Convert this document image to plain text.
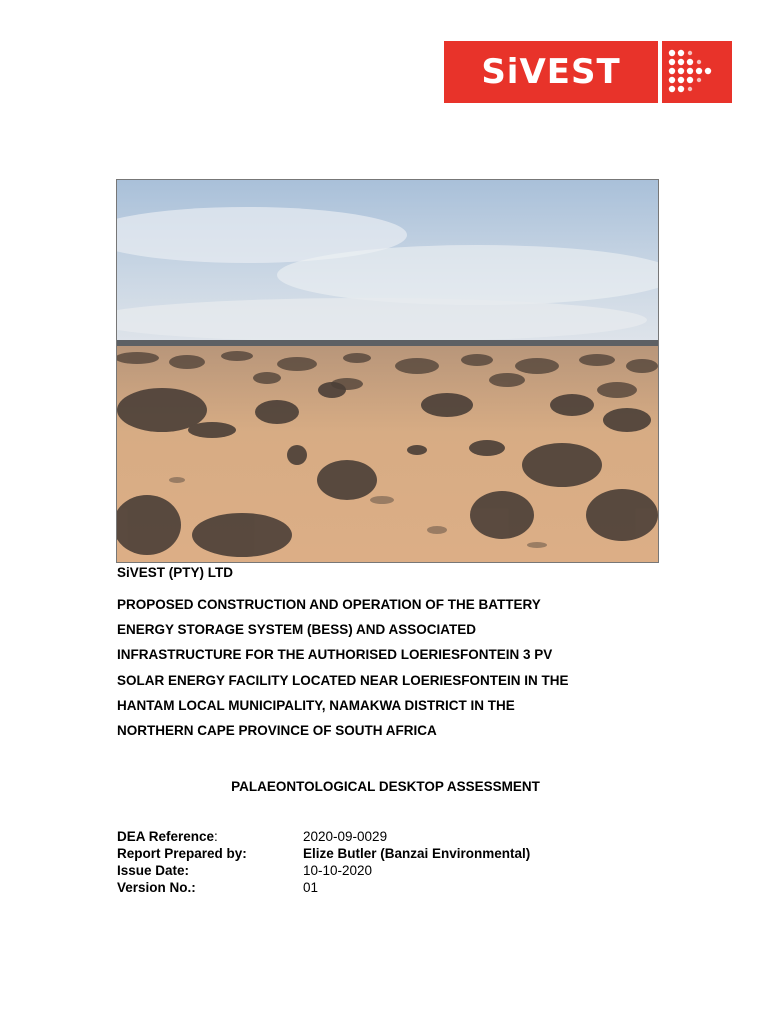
SiVEST
SiVEST (PTY) LTD
PROPOSED CONSTRUCTION AND OPERATION OF THE BATTERY
ENERGY STORAGE SYSTEM (BESS) AND ASSOCIATED
INFRASTRUCTURE FOR THE AUTHORISED LOERIESFONTEIN 3 PV
SOLAR ENERGY FACILITY LOCATED NEAR LOERIESFONTEIN IN THE
HANTAM LOCAL MUNICIPALITY, NAMAKWA DISTRICT IN THE
NORTHERN CAPE PROVINCE OF SOUTH AFRICA
PALAEONTOLOGICAL DESKTOP ASSESSMENT
DEA Reference:	2020-09-0029
Report Prepared by:	Elize Butler (Banzai Environmental)
Issue Date:	10-10-2020
Version No.:	01
